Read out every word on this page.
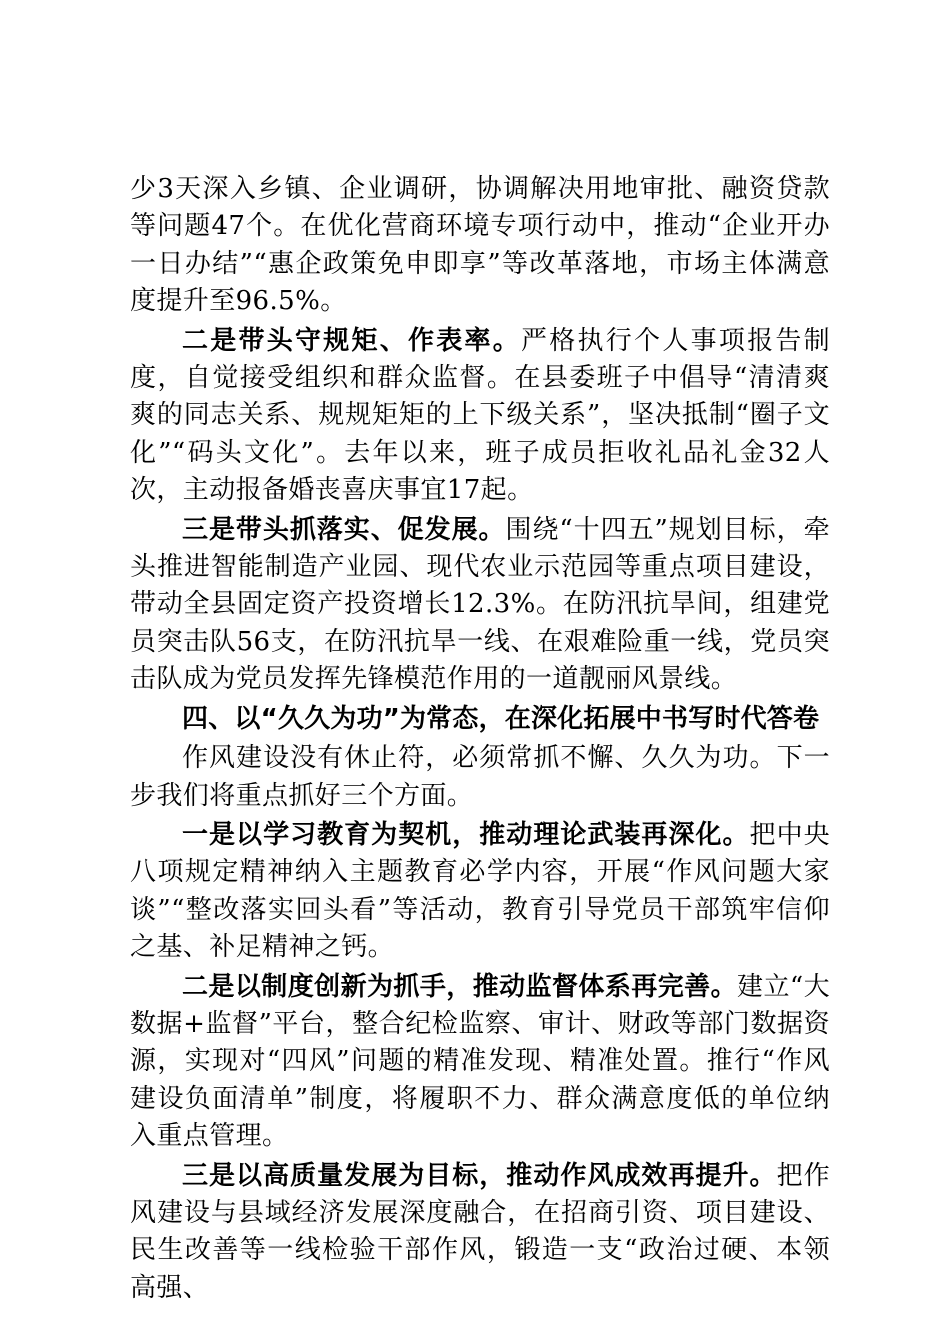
少3天深入乡镇、企业调研，协调解决用地审批、融资贷款等问题47个。在优化营商环境专项行动中，推动“企业开办一日办结”“惠企政策免申即享”等改革落地，市场主体满意度提升至96.5%。

二是带头守规矩、作表率。严格执行个人事项报告制度，自觉接受组织和群众监督。在县委班子中倡导“清清爽爽的同志关系、规规矩矩的上下级关系”，坚决抵制“圈子文化”“码头文化”。去年以来，班子成员拒收礼品礼金32人次，主动报备婚丧喜庆事宜17起。

三是带头抓落实、促发展。围绕“十四五”规划目标，牵头推进智能制造产业园、现代农业示范园等重点项目建设，带动全县固定资产投资增长12.3%。在防汛抗旱间，组建党员突击队56支，在防汛抗旱一线、在艰难险重一线，党员突击队成为党员发挥先锋模范作用的一道靓丽风景线。

四、以“久久为功”为常态，在深化拓展中书写时代答卷

作风建设没有休止符，必须常抓不懈、久久为功。下一步我们将重点抓好三个方面。

一是以学习教育为契机，推动理论武装再深化。把中央八项规定精神纳入主题教育必学内容，开展“作风问题大家谈”“整改落实回头看”等活动，教育引导党员干部筑牢信仰之基、补足精神之钙。

二是以制度创新为抓手，推动监督体系再完善。建立“大数据+监督”平台，整合纪检监察、审计、财政等部门数据资源，实现对“四风”问题的精准发现、精准处置。推行“作风建设负面清单”制度，将履职不力、群众满意度低的单位纳入重点管理。

三是以高质量发展为目标，推动作风成效再提升。把作风建设与县域经济发展深度融合，在招商引资、项目建设、民生改善等一线检验干部作风，锻造一支“政治过硬、本领高强、
